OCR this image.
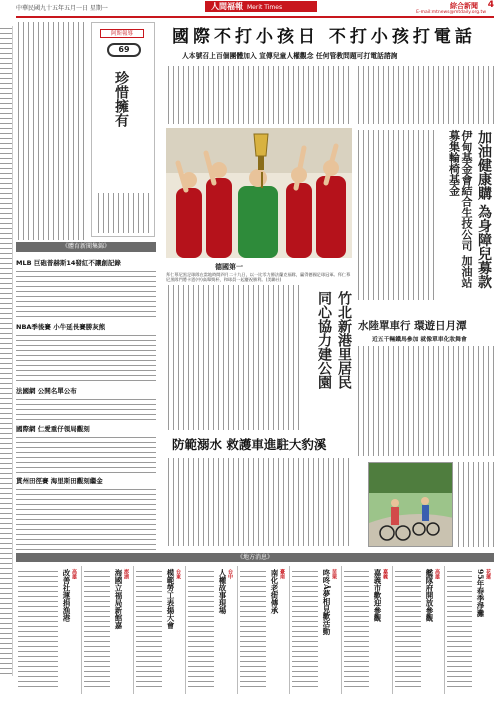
中華民國九十五年五月一日 星期一	人間福報 Merit Times	綜合新聞
E-mail:mtnews@mtdaily.org.tw
4
阿斯報導
69
珍惜擁有
《體育新聞集錦》
MLB 巨砲普赫斯14發紅不讓創記錄
NBA季後賽 小牛延長賽勝灰熊
法國網 公開名單公布
國際網 仁愛重仔領局觀刻
貫州田徑賽 海里斯田觀刻繼金
國際不打小孩日 不打小孩打電話
人本號召上百個團體加入 宣傳兒童人權觀念 任何管教問題可打電話諮詢
德國第一
拜仁慕尼黑足球隊在當地時間四月二十九日，以一比零力勝法蘭克福隊，贏得德國足球冠軍。拜仁慕尼黑隊門將卡恩(中)高舉獎杯，和球員一起慶祝勝利。(美聯社)
竹北新港里居民
同心協力建公園
防範溺水 救護車進駐大豹溪
加油健康購 為身障兒募款
伊甸基金會結合生技公司 加油站 募集輪椅基金
水陸單車行 環遊日月潭
近五千輛鐵馬參加 就像單車化妝舞會
《地方消息》
花蓮
95年春季淨灘
高雄
艦隊府開放參觀
嘉義
嘉義市歡迎參觀
苗栗
咚咚Å夢相見歡活動
臺南
南化老街傳承
台中
人權故事現場
台東
模範勞工表揚大會
澎湖
海國立福局新館嘉
高雄
改善社運捐漁港
